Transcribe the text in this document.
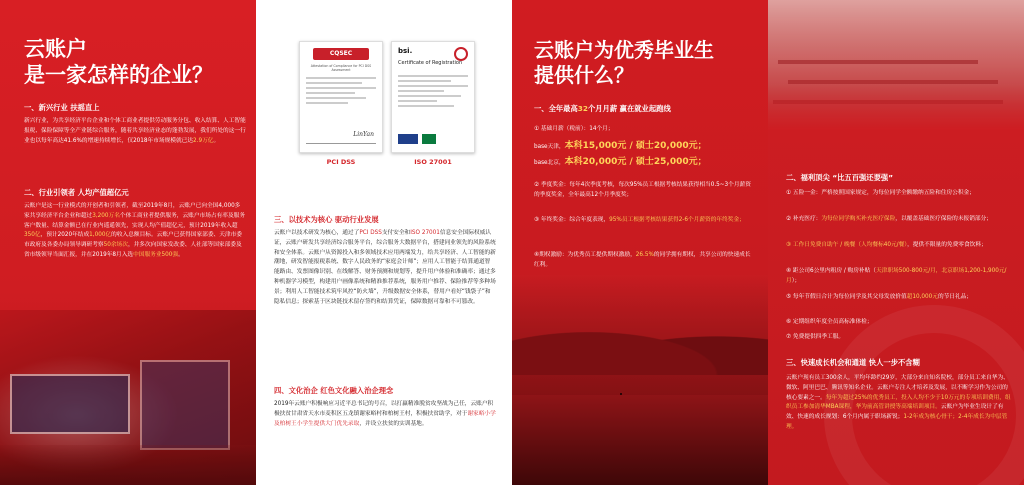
云账户
是一家怎样的企业？
一、新兴行业 扶摇直上
新兴行业，为共享经济平台企业和个体工商业者提供劳动服务分包、收入结算、人工智能报税、保险保障等全产业链综合服务，随着共享经济业态的蓬勃发展，我们所处的这一行业也以每年高达41.6%的增速持续增长，仅2018年市场规模就已达2.9万亿。
二、行业引领者 人均产值超亿元
云账户是这一行业模式的开创者和引领者，截至2019年8月，云账户已向全国4,000多家共享经济平台企业和超过3,200万名个体工商业者提供服务，云账户市场占有率及服务客户数量、结算金额已在行业内遥遥领先，实现人均产值超亿元，预计2019年收入超350亿，预计2020年结成1,000亿的收入总额目标。云账户已获得国家部委、天津市委市政府及各委办局领导调研考察50余场次，并多次向国家发改委、人社部等国家部委及省市级领导当面汇报，并在2019年8月入选中国服务业500强。
CQSEC
Attestation of Compliance for PCI DSS Assessment
LinYan
PCI DSS
bsi.
Certificate of Registration
ISO 27001
三、以技术为核心 驱动行业发展
云账户以技术研发为核心，通过了PCI DSS支付安全和ISO 27001信息安全国际权威认证，云账户研发共享经济综合服务平台，综合服务大数据平台，搭建同业领先的风险系统和安全体系。云账户从资源投入和多领域技术应用两端发力，给共享经济、人工智能的新潮地，研发智能报税系统、数字人民政务的“家庭会计师”；应用人工智能于结算通道智能路由、发票图像识别、在线解答、财务预测和规划等，提升用户体验和准确率；通过多种机器学习模型，构建用户画像系统和精准推荐系统，服务用户推荐、保险推荐等多种场景；利用人工智能技术筑牢风控“防火墙”，升级数据安全体系，替用户看好“钱袋子”和隐私信息；探索基于区块链技术留存签约和结算凭证，保障数据可靠和不可篡改。
四、文化治企 红色文化融入治企理念
2019年云账户积极响应习近平总书记的号召，以打赢精准脱贫攻坚战为己任，云账户积极扶贫甘肃省天水市麦积区五龙镇谢家峪村和柏树王村，积极扶贫助学，对于谢家峪小学及柏树王小学生提供大门优先录取，并设立扶贫的实训基地。
云账户为优秀毕业生
提供什么？
一、全年最高32个月月薪 赢在就业起跑线
① 基础月薪（税前）：14个月；
base天津，本科15,000元 / 硕士20,000元；
base北京，本科20,000元 / 硕士25,000元；
② 季度奖金：每年4次季度考核，每次95%员工根据考核结果获得相当0.5~3个月薪资的季度奖金，全年最高12个月季度奖；
③ 年终奖金：综合年度表现，95%员工根据考核结果获得2-6个月薪资的年终奖金；
④期权激励：为优秀员工提供期权激励，26.5%的同学拥有期权，共享公司的快速成长红利。
二、福利顶尖 “比五百强还要强”
① 五险一金：严格按照国家规定，为每位同学全额缴纳五险和住房公积金；
② 补充医疗：为每位同学购买补充医疗保险，以覆盖基础医疗保险的未报销部分；
③ 工作日免费自助午 / 晚餐（人均餐标40元/餐），提供不限量的免费零食饮料；
④ 距公司6公里内租房 / 购房补贴（天津职场500-800元/月，北京职场1,200-1,900元/月）；
⑤ 每年节假日合计为每位同学及其父母发放价值超10,000元的节日礼品；
⑥ 定期组织年度全员高标准体检；
⑦ 免费提供四季工服。
三、快速成长机会和通道 快人一步不含糊
云账户现有员工300余人，平均年龄约29岁，大部分来自知名院校，部分员工来自华为、微软、阿里巴巴、腾讯等知名企业。云账户专注人才培养及发展，以不断学习作为公司的核心要素之一。每年为超过25%的优秀员工，投入人均不少于10万元的专项培训费用，组织员工参加清华MBA课程，华为前高管讲授等高端培训项目。云账户为毕业生设计了有效、快速的成长规划：6个月内属于职场新锐；1-2年成为核心骨干；2-4年成长为中层管理。
